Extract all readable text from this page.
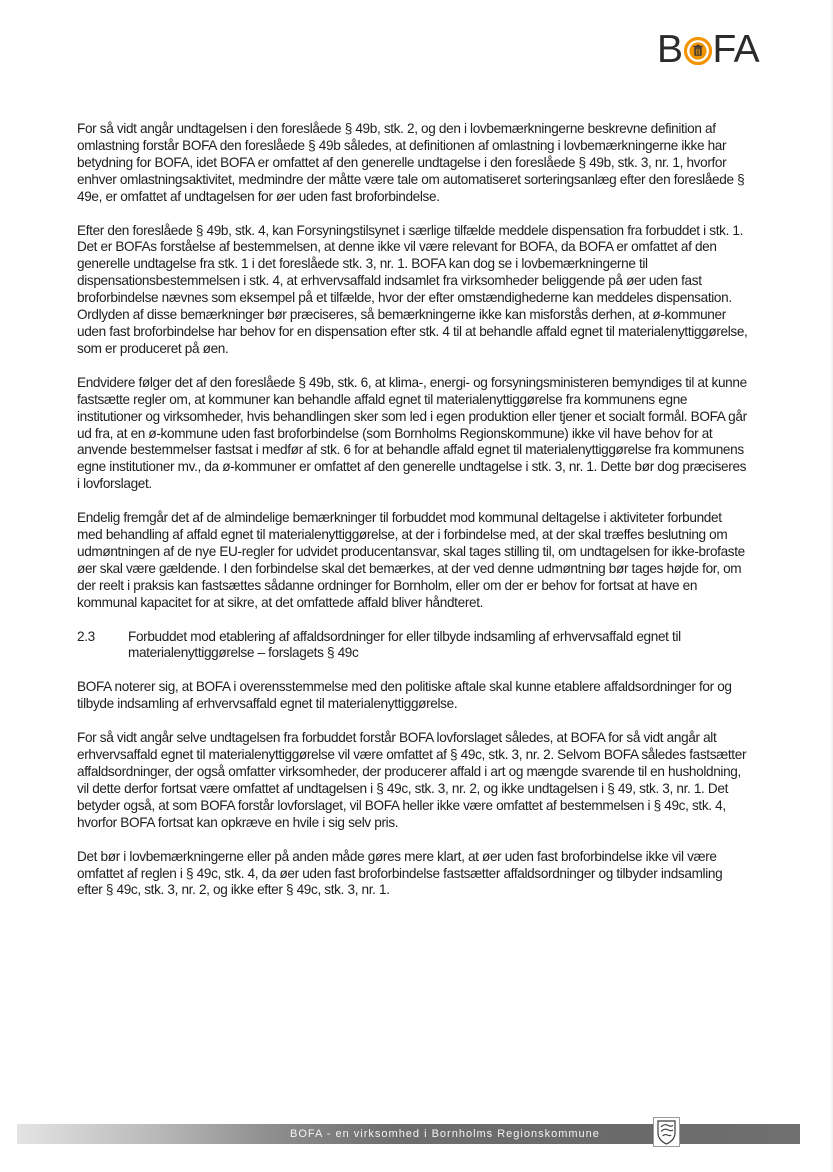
B FA

For så vidt angår undtagelsen i den foreslåede § 49b, stk. 2, og den i lovbemærkningerne beskrevne definition af omlastning forstår BOFA den foreslåede § 49b således, at definitionen af omlastning i lovbemærkningerne ikke har betydning for BOFA, idet BOFA er omfattet af den generelle undtagelse i den foreslåede § 49b, stk. 3, nr. 1, hvorfor enhver omlastningsaktivitet, medmindre der måtte være tale om automatiseret sorteringsanlæg efter den foreslåede § 49e, er omfattet af undtagelsen for øer uden fast broforbindelse.

Efter den foreslåede § 49b, stk. 4, kan Forsyningstilsynet i særlige tilfælde meddele dispensation fra forbuddet i stk. 1. Det er BOFAs forståelse af bestemmelsen, at denne ikke vil være relevant for BOFA, da BOFA er omfattet af den generelle undtagelse fra stk. 1 i det foreslåede stk. 3, nr. 1. BOFA kan dog se i lovbemærkningerne til dispensationsbestemmelsen i stk. 4, at erhvervsaffald indsamlet fra virksomheder beliggende på øer uden fast broforbindelse nævnes som eksempel på et tilfælde, hvor der efter omstændighederne kan meddeles dispensation. Ordlyden af disse bemærkninger bør præciseres, så bemærkningerne ikke kan misforstås derhen, at ø-kommuner uden fast broforbindelse har behov for en dispensation efter stk. 4 til at behandle affald egnet til materialenyttiggørelse, som er produceret på øen.

Endvidere følger det af den foreslåede § 49b, stk. 6, at klima-, energi- og forsyningsministeren bemyndiges til at kunne fastsætte regler om, at kommuner kan behandle affald egnet til materialenyttiggørelse fra kommunens egne institutioner og virksomheder, hvis behandlingen sker som led i egen produktion eller tjener et socialt formål. BOFA går ud fra, at en ø-kommune uden fast broforbindelse (som Bornholms Regionskommune) ikke vil have behov for at anvende bestemmelser fastsat i medfør af stk. 6 for at behandle affald egnet til materialenyttiggørelse fra kommunens egne institutioner mv., da ø-kommuner er omfattet af den generelle undtagelse i stk. 3, nr. 1. Dette bør dog præciseres i lovforslaget.

Endelig fremgår det af de almindelige bemærkninger til forbuddet mod kommunal deltagelse i aktiviteter forbundet med behandling af affald egnet til materialenyttiggørelse, at der i forbindelse med, at der skal træffes beslutning om udmøntningen af de nye EU-regler for udvidet producentansvar, skal tages stilling til, om undtagelsen for ikke-brofaste øer skal være gældende. I den forbindelse skal det bemærkes, at der ved denne udmøntning bør tages højde for, om der reelt i praksis kan fastsættes sådanne ordninger for Bornholm, eller om der er behov for fortsat at have en kommunal kapacitet for at sikre, at det omfattede affald bliver håndteret.

2.3	Forbuddet mod etablering af affaldsordninger for eller tilbyde indsamling af erhvervsaffald egnet til materialenyttiggørelse – forslagets § 49c

BOFA noterer sig, at BOFA i overensstemmelse med den politiske aftale skal kunne etablere affaldsordninger for og tilbyde indsamling af erhvervsaffald egnet til materialenyttiggørelse.

For så vidt angår selve undtagelsen fra forbuddet forstår BOFA lovforslaget således, at BOFA for så vidt angår alt erhvervsaffald egnet til materialenyttiggørelse vil være omfattet af § 49c, stk. 3, nr. 2. Selvom BOFA således fastsætter affaldsordninger, der også omfatter virksomheder, der producerer affald i art og mængde svarende til en husholdning, vil dette derfor fortsat være omfattet af undtagelsen i § 49c, stk. 3, nr. 2, og ikke undtagelsen i § 49, stk. 3, nr. 1. Det betyder også, at som BOFA forstår lovforslaget, vil BOFA heller ikke være omfattet af bestemmelsen i § 49c, stk. 4, hvorfor BOFA fortsat kan opkræve en hvile i sig selv pris.

Det bør i lovbemærkningerne eller på anden måde gøres mere klart, at øer uden fast broforbindelse ikke vil være omfattet af reglen i § 49c, stk. 4, da øer uden fast broforbindelse fastsætter affaldsordninger og tilbyder indsamling efter § 49c, stk. 3, nr. 2, og ikke efter § 49c, stk. 3, nr. 1.

BOFA - en virksomhed i Bornholms Regionskommune
